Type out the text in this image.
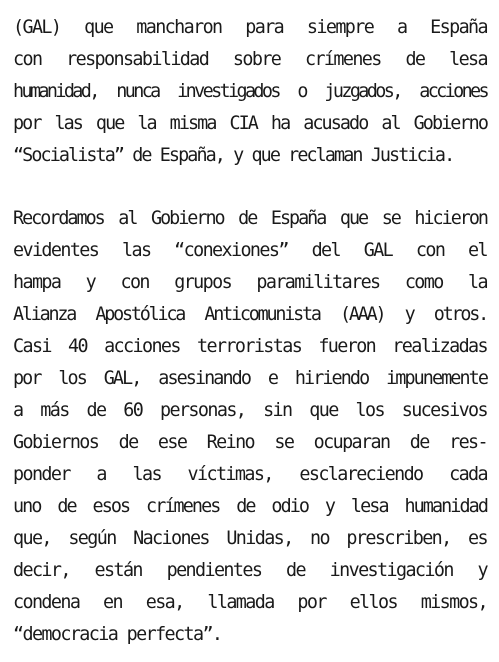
(GAL) que mancharon para siempre a España
con responsabilidad sobre crímenes de lesa
humanidad, nunca investigados o juzgados, acciones
por las que la misma CIA ha acusado al Gobierno
“Socialista” de España, y que reclaman Justicia.
Recordamos al Gobierno de España que se hicieron
evidentes las “conexiones” del GAL con el
hampa y con grupos paramilitares como la
Alianza Apostólica Anticomunista (AAA) y otros.
Casi 40 acciones terroristas fueron realizadas
por los GAL, asesinando e hiriendo impunemente
a más de 60 personas, sin que los sucesivos
Gobiernos de ese Reino se ocuparan de res-
ponder a las víctimas, esclareciendo cada
uno de esos crímenes de odio y lesa humanidad
que, según Naciones Unidas, no prescriben, es
decir, están pendientes de investigación y
condena en esa, llamada por ellos mismos,
“democracia perfecta”.
